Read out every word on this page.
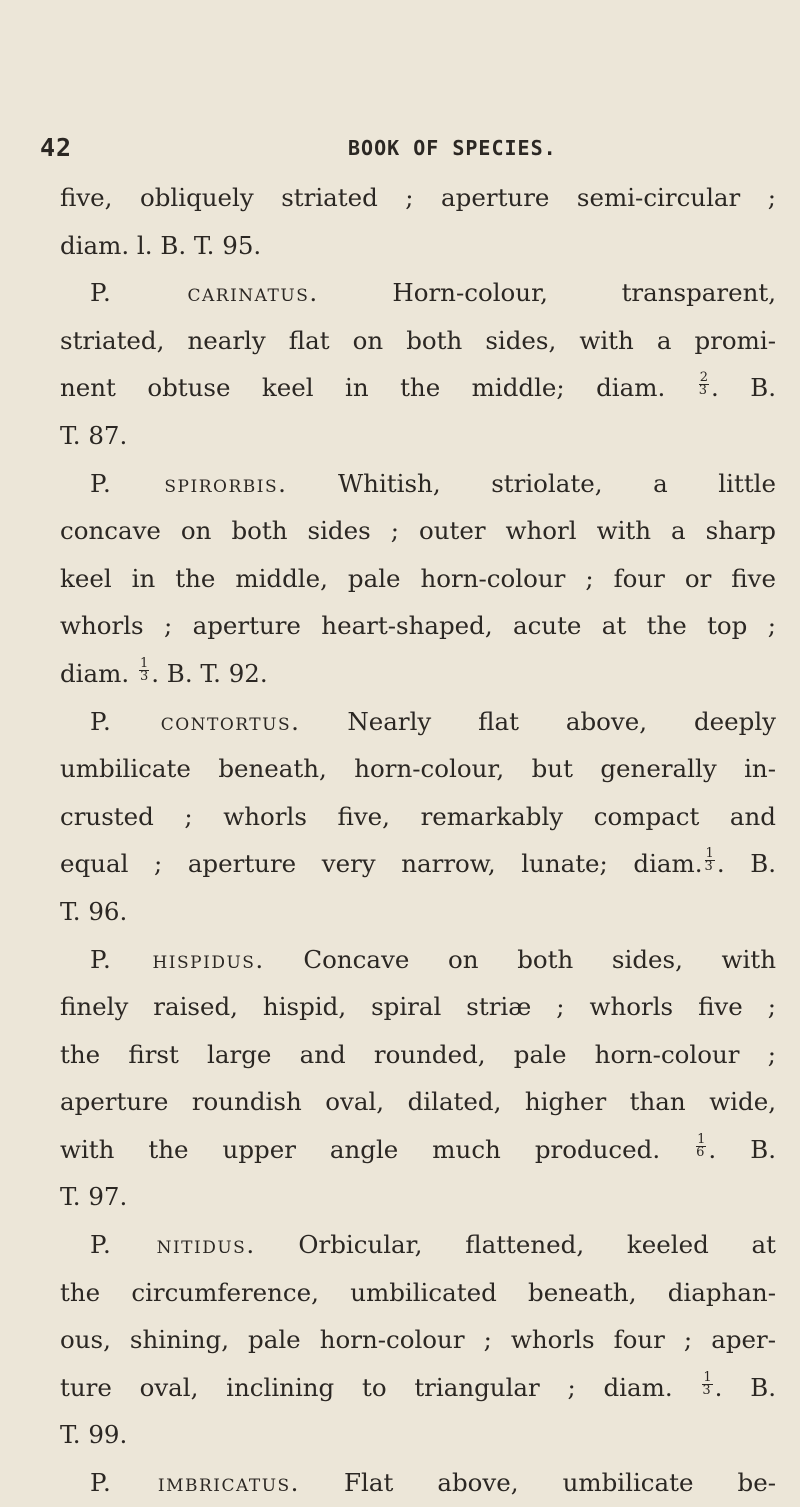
42	BOOK OF SPECIES.
five, obliquely striated ; aperture semi-circular ;
diam. l. B. T. 95.
P. carinatus.	Horn-colour, transparent,
striated, nearly flat on both sides, with a promi-
nent obtuse keel in the middle; diam.	$\frac{2}{3}$ . B.
T. 87.
P. spirorbis. Whitish, striolate, a little
concave on both sides ; outer whorl with a sharp
keel in the middle, pale horn-colour ; four or five
whorls ; aperture heart-shaped, acute at the top ;
diam. $\frac{1}{3}$ . B. T. 92.
P. contortus. Nearly flat above, deeply
umbilicate beneath, horn-colour, but generally in-
crusted ; whorls five, remarkably compact and
equal ; aperture very narrow, lunate; diam. $\frac{1}{3}$ . B.
T. 96.
P. hispidus. Concave on both sides, with
finely raised, hispid, spiral striæ ; whorls five ;
the first large and rounded, pale horn-colour ;
aperture roundish oval, dilated, higher than wide,
with the upper angle much produced.	$\frac{1}{6}$ . B.
T. 97.
P. nitidus. Orbicular, flattened, keeled at
the circumference, umbilicated beneath, diaphan-
ous, shining, pale horn-colour ; whorls four ; aper-
ture oval, inclining to triangular ; diam. $\frac{1}{3}$ . B.
T. 99.
P. imbricatus. Flat above, umbilicate be-
